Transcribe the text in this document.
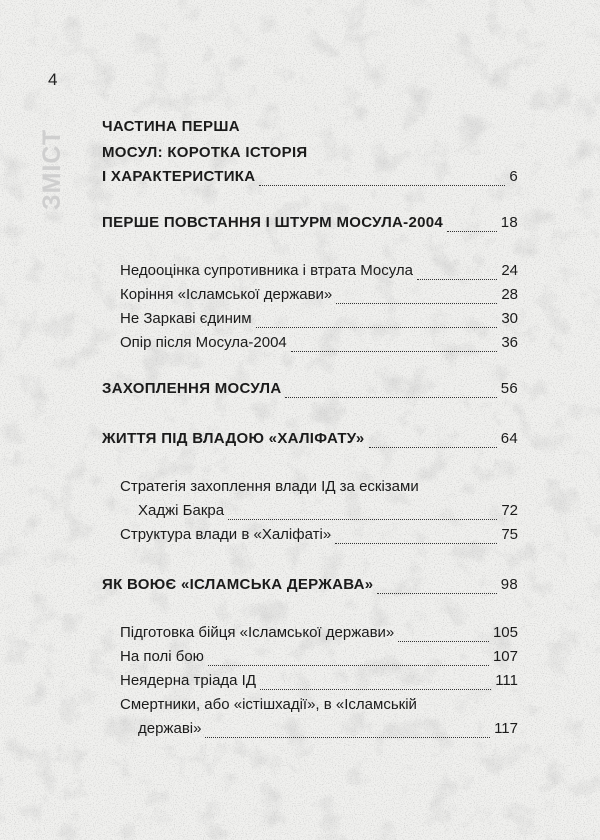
4
ЗМІСТ
ЧАСТИНА ПЕРША
МОСУЛ: КОРОТКА ІСТОРІЯ
І ХАРАКТЕРИСТИКА	6
ПЕРШЕ ПОВСТАННЯ І ШТУРМ МОСУЛА-2004	18
Недооцінка супротивника і втрата Мосула	24
Коріння «Ісламської держави»	28
Не Заркаві єдиним	30
Опір після Мосула-2004	36
ЗАХОПЛЕННЯ МОСУЛА	56
ЖИТТЯ ПІД ВЛАДОЮ «ХАЛІФАТУ»	64
Стратегія захоплення влади ІД за ескізами
Хаджі Бакра	72
Структура влади в «Халіфаті»	75
ЯК ВОЮЄ «ІСЛАМСЬКА ДЕРЖАВА»	98
Підготовка бійця «Ісламської держави»	105
На полі бою	107
Неядерна тріада ІД	111
Смертники, або «істішхадії», в «Ісламській
державі»	117
